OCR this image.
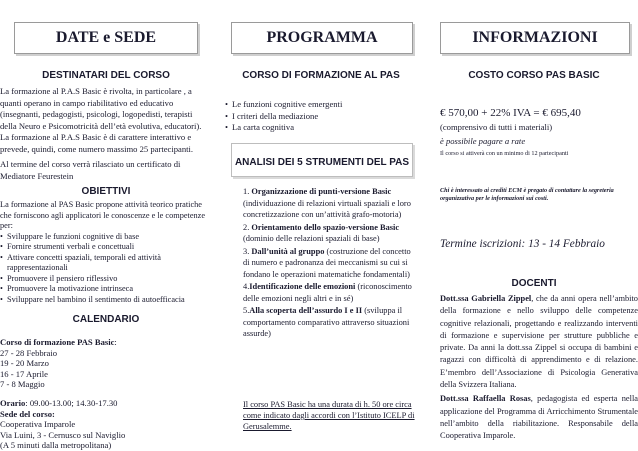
DATE e SEDE
DESTINATARI DEL CORSO
La formazione al P.A.S Basic è rivolta, in particolare , a quanti operano in campo riabilitativo ed educativo (insegnanti, pedagogisti, psicologi, logopedisti, terapisti della Neuro e Psicomotricità dell’età evolutiva, educatori).
La formazione al P.A.S Basic è di carattere interattivo e prevede, quindi, come numero massimo 25 partecipanti.
Al termine del corso verrà rilasciato un certificato di Mediatore Feurestein
OBIETTIVI
La formazione al PAS Basic propone attività teorico pratiche che forniscono agli applicatori le conoscenze e le competenze per:
• Sviluppare le funzioni cognitive di base
• Fornire strumenti verbali e concettuali
• Attivare concetti spaziali, temporali ed attività rappresentazionali
• Promuovere il pensiero riflessivo
• Promuovere la motivazione intrinseca
• Sviluppare nel bambino il sentimento di autoefficacia
CALENDARIO
Corso di formazione PAS Basic:
27 - 28 Febbraio
19 - 20 Marzo
16 - 17 Aprile
7 - 8 Maggio
Orario: 09.00-13.00; 14.30-17.30
Sede del corso:
Cooperativa Imparole
Via Luini, 3 - Cernusco sul Naviglio
(A 5 minuti dalla metropolitana)
PROGRAMMA
CORSO DI FORMAZIONE AL PAS
• Le funzioni cognitive emergenti
• I criteri della mediazione
• La carta cognitiva
ANALISI DEI 5 STRUMENTI DEL PAS
1. Organizzazione di punti-versione Basic (individuazione di relazioni virtuali spaziali e loro concretizzazione con un’attività grafo-motoria)
2. Orientamento dello spazio-versione Basic (dominio delle relazioni spaziali di base)
3. Dall’unità al gruppo (costruzione del concetto di numero e padronanza dei meccanismi su cui si fondano le operazioni matematiche fondamentali)
4.Identificazione delle emozioni (riconoscimento delle emozioni negli altri e in sé)
5.Alla scoperta dell’assurdo I e II (sviluppa il comportamento comparativo attraverso situazioni assurde)
Il corso PAS Basic ha una durata di h. 50 ore circa come indicato dagli accordi con l’Istituto ICELP di Gerusalemme.
INFORMAZIONI
COSTO CORSO PAS BASIC
€ 570,00 + 22% IVA = € 695,40
(comprensivo di tutti i materiali)
è possibile pagare a rate
Il corso si attiverà con un minimo di 12 partecipanti
Chi è interessato ai crediti ECM è pregato di contattare la segreteria organizzativa per le informazioni sui costi.
Termine iscrizioni: 13 - 14 Febbraio
DOCENTI
Dott.ssa Gabriella Zippel, che da anni opera nell’ambito della formazione e nello sviluppo delle competenze cognitive relazionali, progettando e realizzando interventi di formazione e supervisione per strutture pubbliche e private. Da anni la dott.ssa Zippel si occupa di bambini e ragazzi con difficoltà di apprendimento e di relazione. E’membro dell’Associazione di Psicologia Generativa della Svizzera Italiana.
Dott.ssa Raffaella Rosas, pedagogista ed esperta nella applicazione del Programma di Arricchimento Strumentale nell’ambito della riabilitazione. Responsabile della Cooperativa Imparole.
